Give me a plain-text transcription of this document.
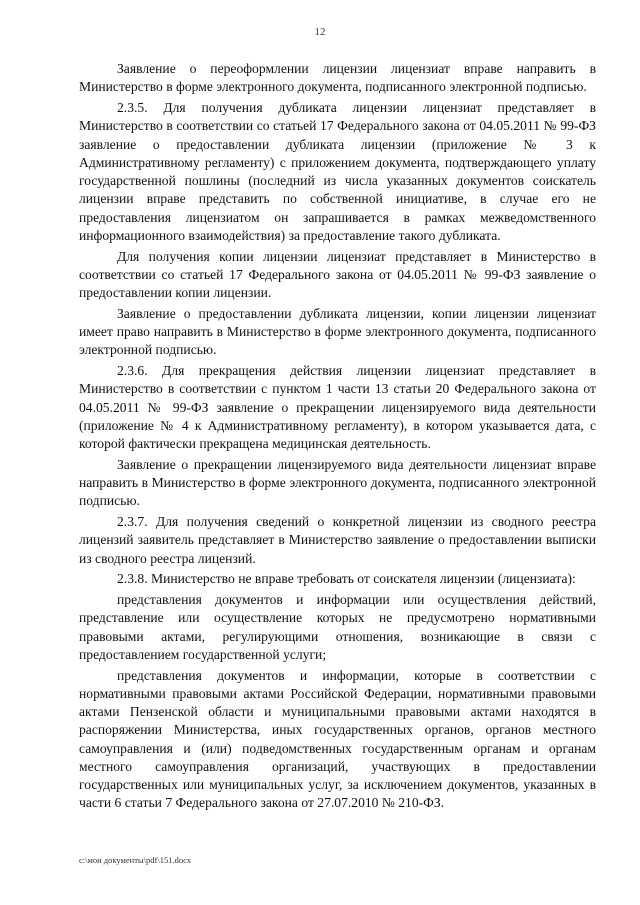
12

Заявление о переоформлении лицензии лицензиат вправе направить в Министерство в форме электронного документа, подписанного электронной подписью.

2.3.5. Для получения дубликата лицензии лицензиат представляет в Министерство в соответствии со статьей 17 Федерального закона от 04.05.2011 № 99-ФЗ заявление о предоставлении дубликата лицензии (приложение № 3 к Административному регламенту) с приложением документа, подтверждающего уплату государственной пошлины (последний из числа указанных документов соискатель лицензии вправе представить по собственной инициативе, в случае его не предоставления лицензиатом он запрашивается в рамках межведомственного информационного взаимодействия) за предоставление такого дубликата.

Для получения копии лицензии лицензиат представляет в Министерство в соответствии со статьей 17 Федерального закона от 04.05.2011 № 99-ФЗ заявление о предоставлении копии лицензии.

Заявление о предоставлении дубликата лицензии, копии лицензии лицензиат имеет право направить в Министерство в форме электронного документа, подписанного электронной подписью.

2.3.6. Для прекращения действия лицензии лицензиат представляет в Министерство в соответствии с пунктом 1 части 13 статьи 20 Федерального закона от 04.05.2011 № 99-ФЗ заявление о прекращении лицензируемого вида деятельности (приложение № 4 к Административному регламенту), в котором указывается дата, с которой фактически прекращена медицинская деятельность.

Заявление о прекращении лицензируемого вида деятельности лицензиат вправе направить в Министерство в форме электронного документа, подписанного электронной подписью.

2.3.7. Для получения сведений о конкретной лицензии из сводного реестра лицензий заявитель представляет в Министерство заявление о предоставлении выписки из сводного реестра лицензий.

2.3.8. Министерство не вправе требовать от соискателя лицензии (лицензиата):

представления документов и информации или осуществления действий, представление или осуществление которых не предусмотрено нормативными правовыми актами, регулирующими отношения, возникающие в связи с предоставлением государственной услуги;

представления документов и информации, которые в соответствии с нормативными правовыми актами Российской Федерации, нормативными правовыми актами Пензенской области и муниципальными правовыми актами находятся в распоряжении Министерства, иных государственных органов, органов местного самоуправления и (или) подведомственных государственным органам и органам местного самоуправления организаций, участвующих в предоставлении государственных или муниципальных услуг, за исключением документов, указанных в части 6 статьи 7 Федерального закона от 27.07.2010 № 210-ФЗ.

c:\мои документы\pdf\151.docx
